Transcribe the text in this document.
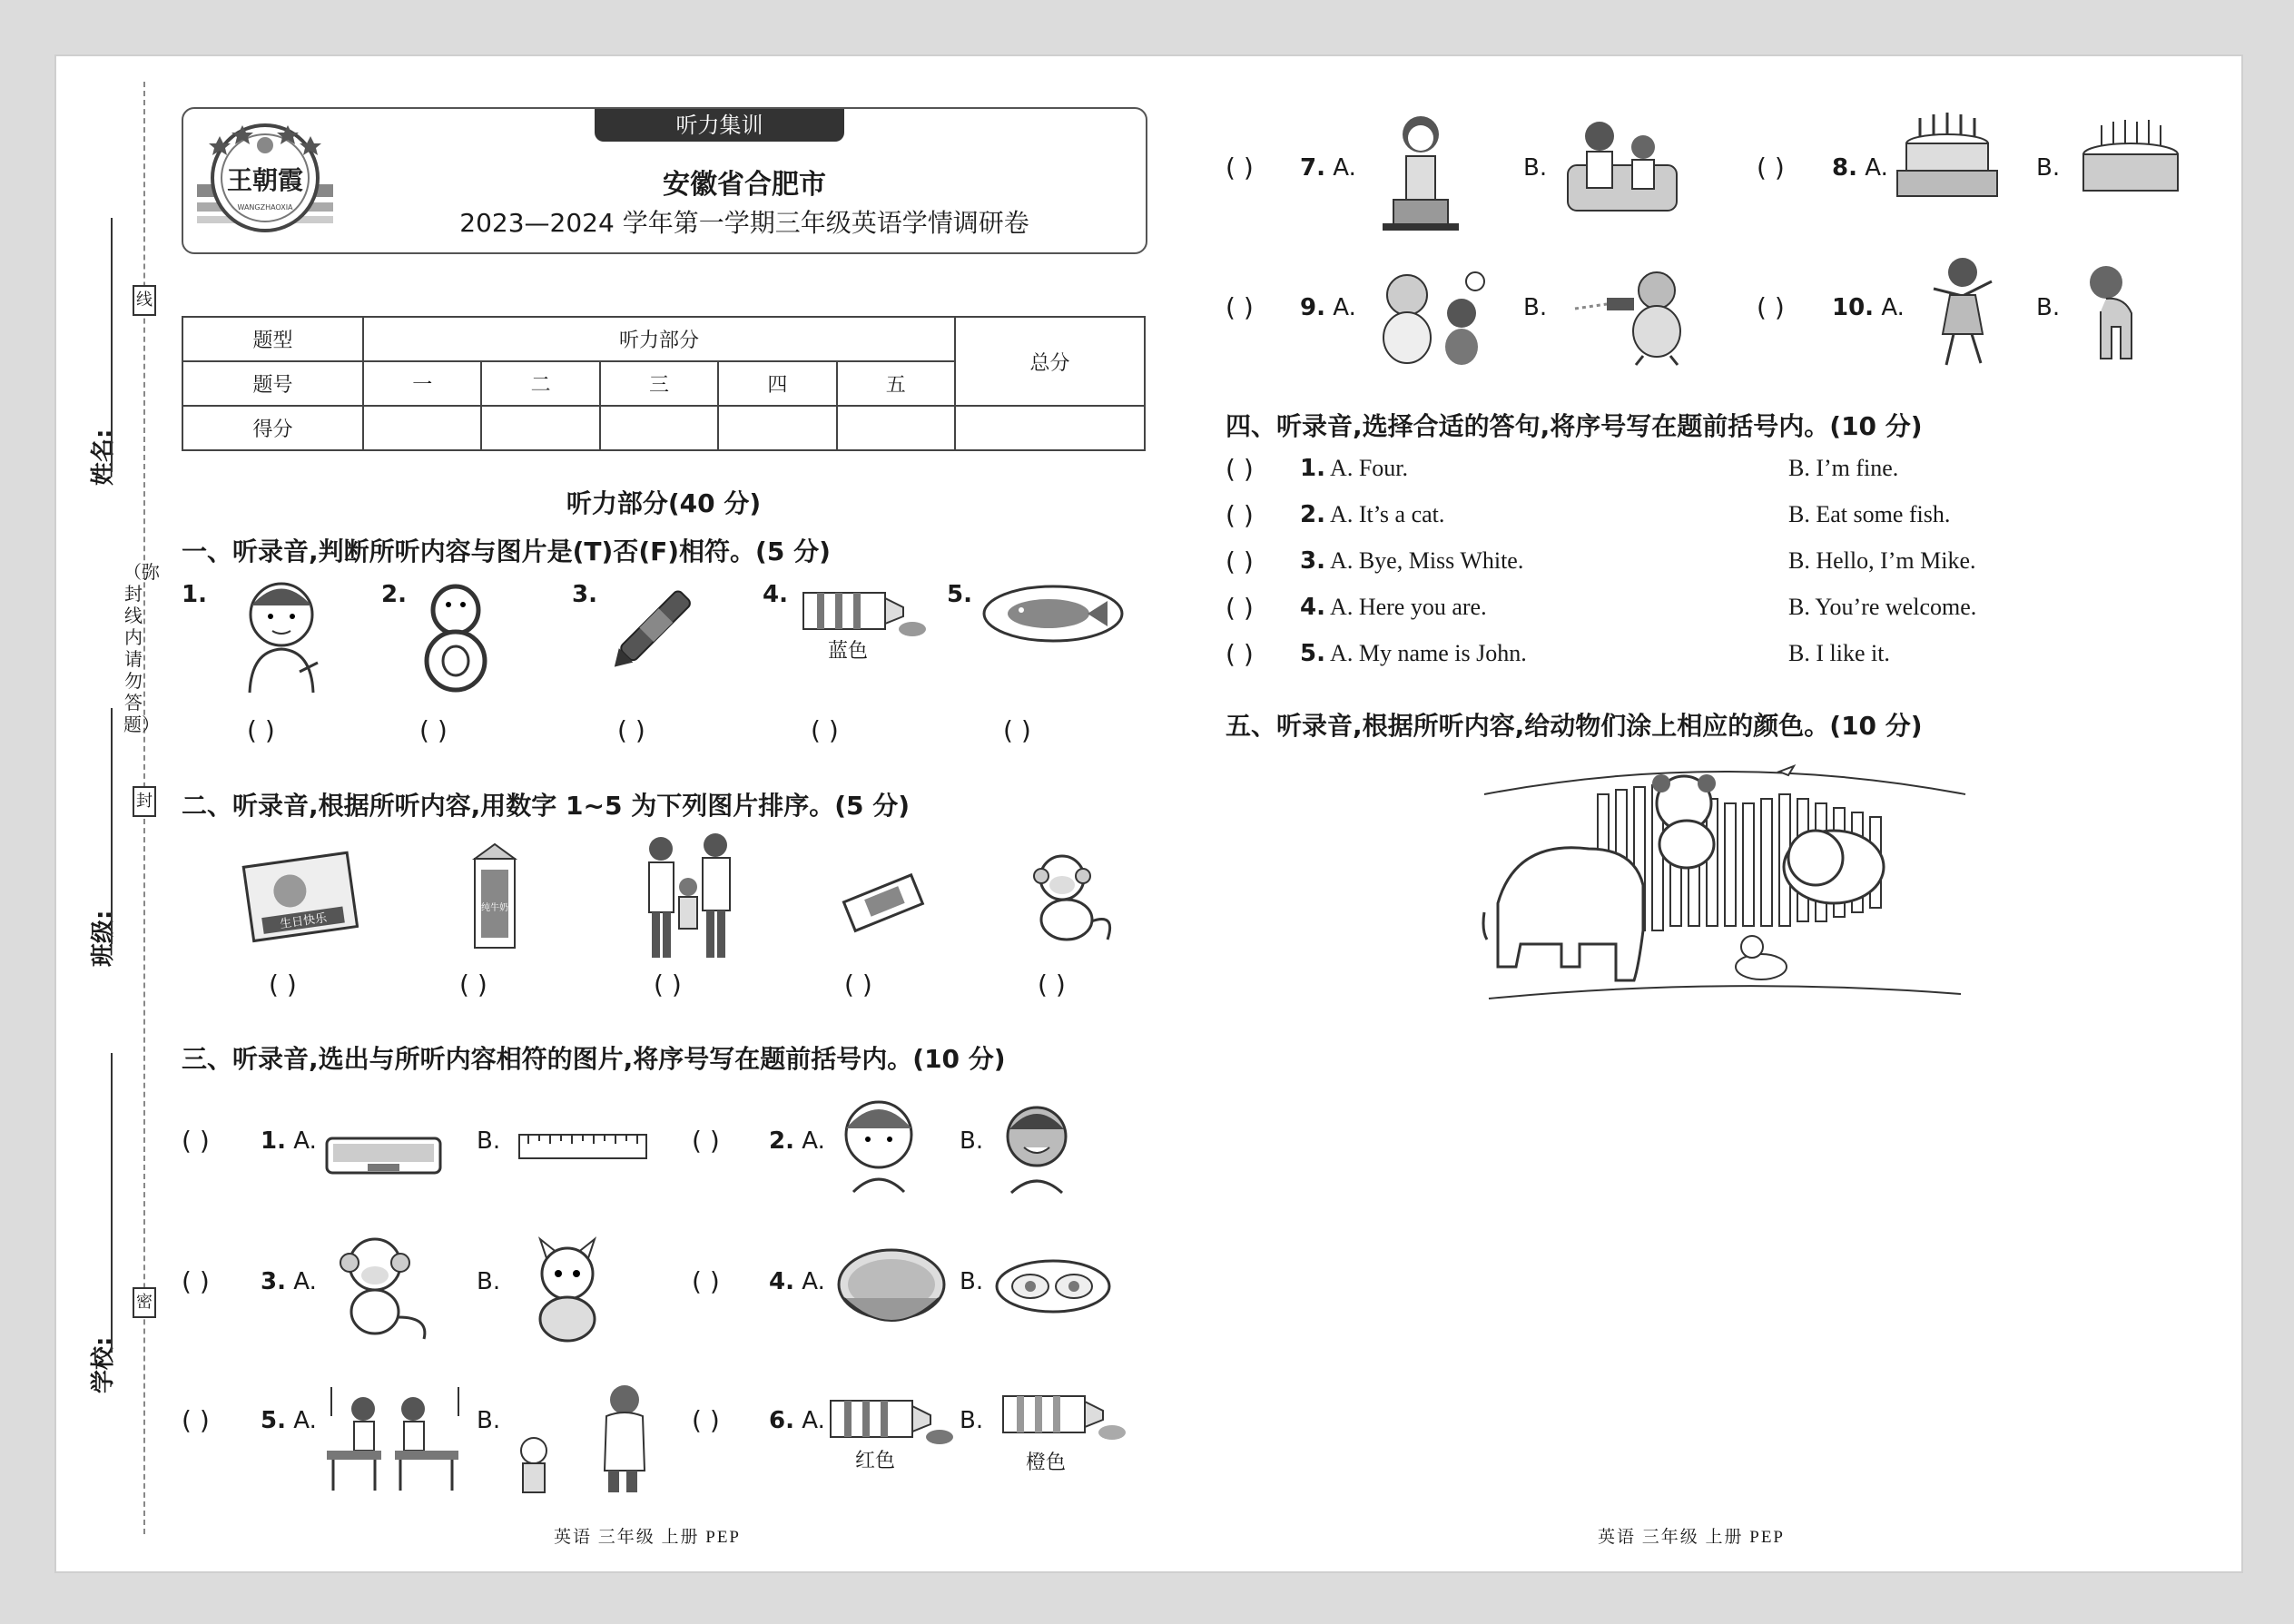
线
封
密
（弥封线内请勿答题）
姓名:
班级:
学校:
听力集训
王朝霞
WANGZHAOXIA
安徽省合肥市
2023—2024 学年第一学期三年级英语学情调研卷
题型	听力部分					总分
题号	一	二	三	四	五	
得分						
听力部分(40 分)
一、听录音,判断所听内容与图片是(T)否(F)相符。(5 分)
1.
( )
2.
( )
3.
( )
4.
蓝色
( )
5.
( )
二、听录音,根据所听内容,用数字 1~5 为下列图片排序。(5 分)
生日快乐
( )
纯牛奶
( )	( )	( )	( )
三、听录音,选出与所听内容相符的图片,将序号写在题前括号内。(10 分)
( ) 1. A.	B.	( ) 2. A.	B.
( ) 3. A.	B.	( ) 4. A.	B.
( ) 5. A.	B.	( ) 6. A.
红色
B.
橙色
英语 三年级 上册 PEP
( ) 7. A.	B.	( ) 8. A.	B.
( ) 9. A.	B.	( ) 10. A.	B.
四、听录音,选择合适的答句,将序号写在题前括号内。(10 分)
( ) 1. A. Four.	B. I’m fine.
( ) 2. A. It’s a cat.	B. Eat some fish.
( ) 3. A. Bye, Miss White.	B. Hello, I’m Mike.
( ) 4. A. Here you are.	B. You’re welcome.
( ) 5. A. My name is John.	B. I like it.
五、听录音,根据所听内容,给动物们涂上相应的颜色。(10 分)
英语 三年级 上册 PEP
